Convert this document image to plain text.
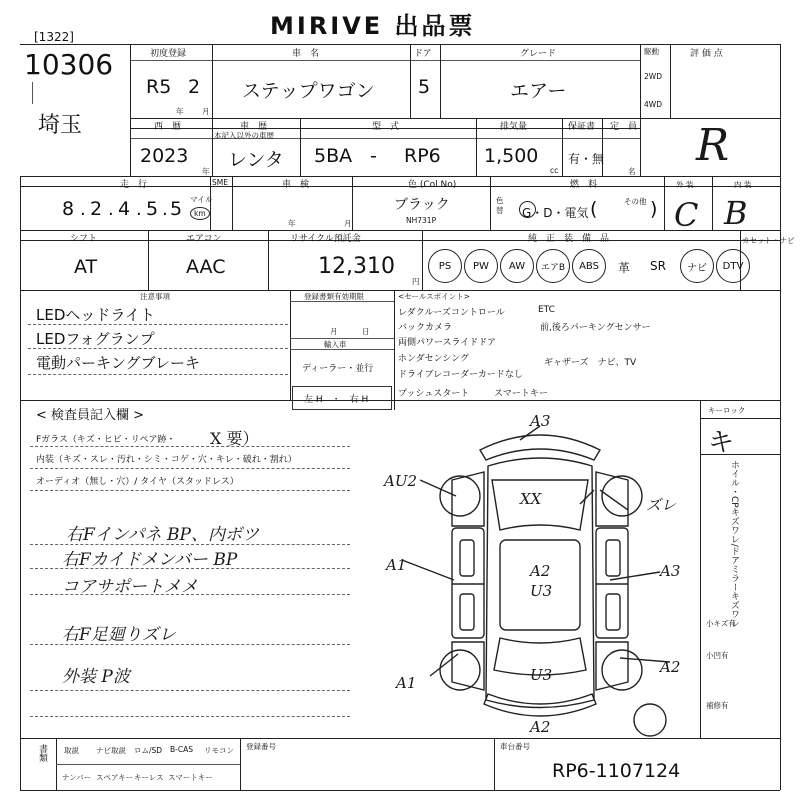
MIRIVE 出品票
[1322]
10306
埼玉
初度登録
R5 2
年 月
車　名
ステップワゴン
ドア
5
グレード
エアー
駆動
2WD
4WD
評 価 点
R
西　暦
2023
年
車　歴
本記入以外の車歴
レンタ
型　式
5BA - RP6
排気量
1,500
cc
保証書
有・無
定　員
名
走　行
8 2 4 5 5
· · · ·
マイル
km
SME	車　検
年	月
色 (Col.No)
ブラック
NH731P
色替
燃　料
G・D・電気
その他
(	)
外 装
C
内 装
B
シフト
AT
エアコン
AAC
リサイクル預託金
12,310
円
純　正　装　備　品	カセット・ナビ
PS	PW	AW	エアB	ABS	革 SR	ナビ	DTV
注意事項
LEDヘッドライト
LEDフォグランプ
電動パーキングブレーキ
登録書類有効期限
月	日
輸入車
ディーラー・並行
左 H　・　右 H
<セールスポイント>
レダクルーズコントロール	ETC
バックカメラ	前,後ろパーキングセンサー
両側パワースライドドア
ホンダセンシング	ギャザーズ　ナビ、TV
ドライブレコーダーカードなし
プッシュスタート	スマートキー
< 検査員記入欄 >
Fガラス（キズ・ヒビ・リペア跡・ X 要）
内装（キズ・スレ・汚れ・シミ・コゲ・穴・キレ・破れ・割れ）
オーディオ（無し・穴）/ タイヤ（スタッドレス）
右Fインパネ BP、内ボツ
右Fカイドメンバー BP
コアサポートメメ
右F足廻りズレ
外装 P波
A3
AU2
XX	ズレ
A1	A2
U3
A3
A2
U3
A1
A2
キーロック
キ
ホイル・CPキズワレ/ドアミラーキズワレ
小キズ有
小凹有
補修有
書類 取説 ナビ取説 ロム/SD B-CAS リモコン
ナンバー スペアキー キーレス スマートキー
登録番号	車台番号
RP6-1107124
